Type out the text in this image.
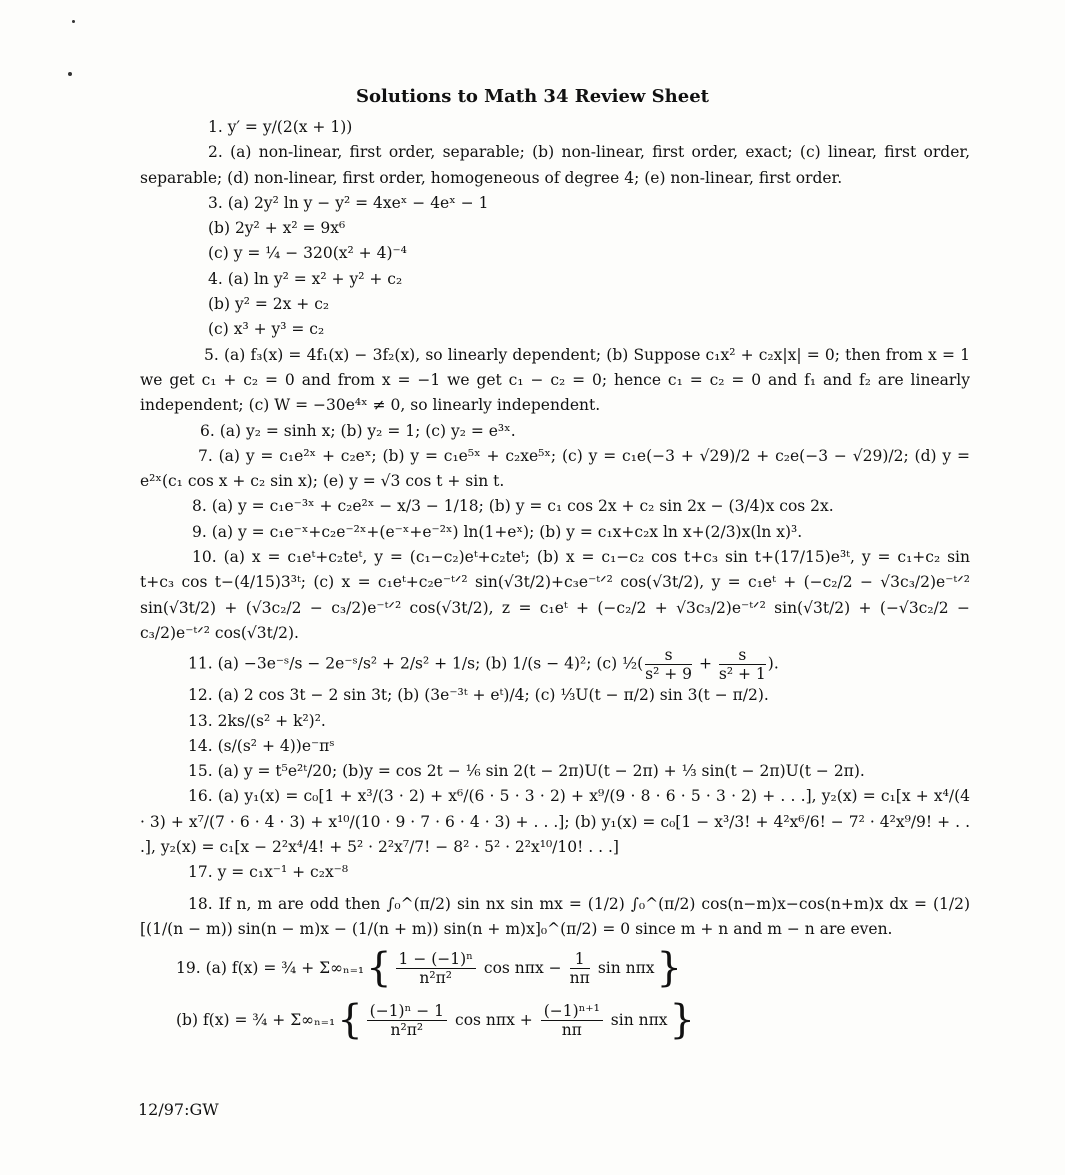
Solutions to Math 34 Review Sheet

1. y′ = y/(2(x + 1))

2. (a) non-linear, first order, separable; (b) non-linear, first order, exact; (c) linear, first order, separable; (d) non-linear, first order, homogeneous of degree 4; (e) non-linear, first order.

3. (a) 2y² ln y − y² = 4xeˣ − 4eˣ − 1

(b) 2y² + x² = 9x⁶

(c) y = ¼ − 320(x² + 4)⁻⁴

4. (a) ln y² = x² + y² + c₂

(b) y² = 2x + c₂

(c) x³ + y³ = c₂

5. (a) f₃(x) = 4f₁(x) − 3f₂(x), so linearly dependent; (b) Suppose c₁x² + c₂x|x| = 0; then from x = 1 we get c₁ + c₂ = 0 and from x = −1 we get c₁ − c₂ = 0; hence c₁ = c₂ = 0 and f₁ and f₂ are linearly independent; (c) W = −30e⁴ˣ ≠ 0, so linearly independent.

6. (a) y₂ = sinh x; (b) y₂ = 1; (c) y₂ = e³ˣ.

7. (a) y = c₁e²ˣ + c₂eˣ; (b) y = c₁e⁵ˣ + c₂xe⁵ˣ; (c) y = c₁e(−3 + √29)/2 + c₂e(−3 − √29)/2; (d) y = e²ˣ(c₁ cos x + c₂ sin x); (e) y = √3 cos t + sin t.

8. (a) y = c₁e⁻³ˣ + c₂e²ˣ − x/3 − 1/18; (b) y = c₁ cos 2x + c₂ sin 2x − (3/4)x cos 2x.

9. (a) y = c₁e⁻ˣ+c₂e⁻²ˣ+(e⁻ˣ+e⁻²ˣ) ln(1+eˣ); (b) y = c₁x+c₂x ln x+(2/3)x(ln x)³.

10. (a) x = c₁eᵗ+c₂teᵗ, y = (c₁−c₂)eᵗ+c₂teᵗ; (b) x = c₁−c₂ cos t+c₃ sin t+(17/15)e³ᵗ, y = c₁+c₂ sin t+c₃ cos t−(4/15)3³ᵗ; (c) x = c₁eᵗ+c₂e⁻ᵗᐟ² sin(√3t/2)+c₃e⁻ᵗᐟ² cos(√3t/2), y = c₁eᵗ + (−c₂/2 − √3c₃/2)e⁻ᵗᐟ² sin(√3t/2) + (√3c₂/2 − c₃/2)e⁻ᵗᐟ² cos(√3t/2), z = c₁eᵗ + (−c₂/2 + √3c₃/2)e⁻ᵗᐟ² sin(√3t/2) + (−√3c₂/2 − c₃/2)e⁻ᵗᐟ² cos(√3t/2).

11. (a) −3e⁻ˢ/s − 2e⁻ˢ/s² + 2/s² + 1/s; (b) 1/(s − 4)²; (c) ½( $\frac{s}{\text{s² + 9}} + \frac{s}{\text{s² + 1}}$ ).

12. (a) 2 cos 3t − 2 sin 3t; (b) (3e⁻³ᵗ + eᵗ)/4; (c) ⅓U(t − π/2) sin 3(t − π/2).

13. 2ks/(s² + k²)².

14. (s/(s² + 4))e⁻πˢ

15. (a) y = t⁵e²ᵗ/20; (b)y = cos 2t − ⅙ sin 2(t − 2π)U(t − 2π) + ⅓ sin(t − 2π)U(t − 2π).

16. (a) y₁(x) = c₀[1 + x³/(3 · 2) + x⁶/(6 · 5 · 3 · 2) + x⁹/(9 · 8 · 6 · 5 · 3 · 2) + . . .], y₂(x) = c₁[x + x⁴/(4 · 3) + x⁷/(7 · 6 · 4 · 3) + x¹⁰/(10 · 9 · 7 · 6 · 4 · 3) + . . .]; (b) y₁(x) = c₀[1 − x³/3! + 4²x⁶/6! − 7² · 4²x⁹/9! + . . .], y₂(x) = c₁[x − 2²x⁴/4! + 5² · 2²x⁷/7! − 8² · 5² · 2²x¹⁰/10! . . .]

17. y = c₁x⁻¹ + c₂x⁻⁸

18. If n, m are odd then ∫₀^(π/2) sin nx sin mx = (1/2) ∫₀^(π/2) cos(n−m)x−cos(n+m)x dx = (1/2)[(1/(n − m)) sin(n − m)x − (1/(n + m)) sin(n + m)x]₀^(π/2) = 0 since m + n and m − n are even.

19. (a) f(x) = ¾ + Σ∞ₙ₌₁ { $\frac{\text{1 − (−1)ⁿ}}{\text{n²π²}}$ $\cos n\pi x - \frac{1}{n\pi}$ sin nπx }
(b) f(x) = ¾ + Σ∞ₙ₌₁ { $\frac{\text{(−1)ⁿ − 1}}{\text{n²π²}}$ $\cos n\pi x + \frac{\text{(−1)ⁿ⁺¹}}{n\pi}$ sin nπx }
12/97:GW
